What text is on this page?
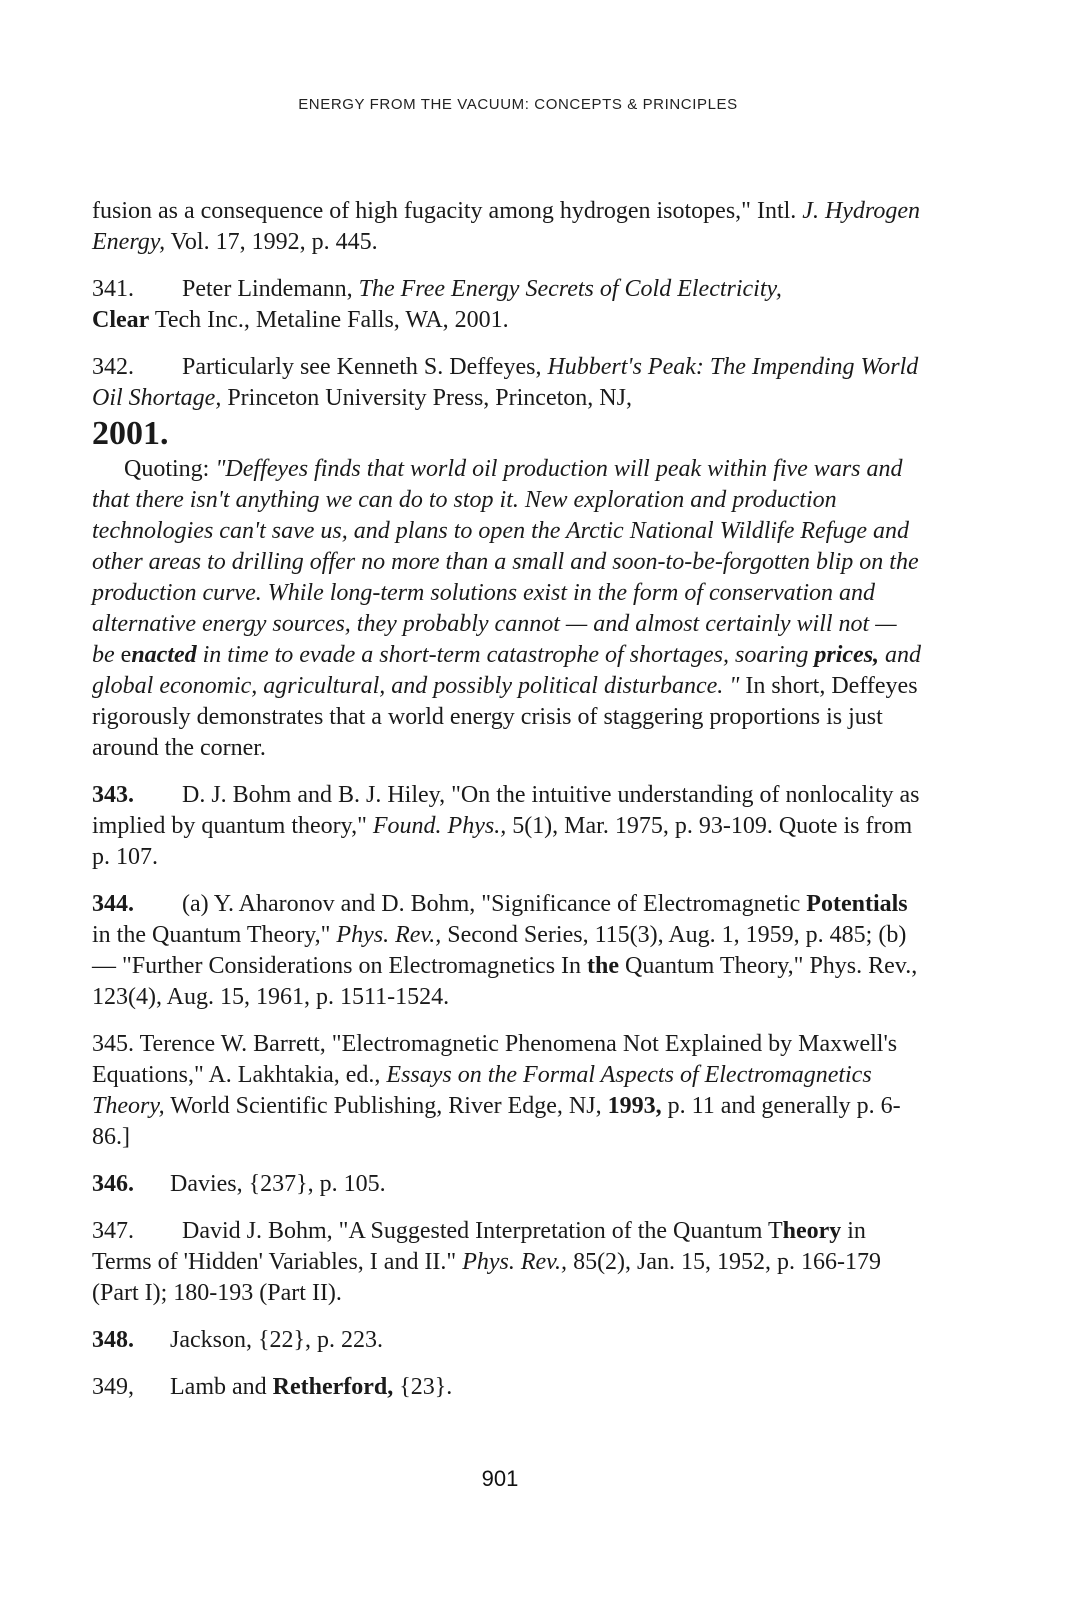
ENERGY FROM THE VACUUM: CONCEPTS & PRINCIPLES

fusion as a consequence of high fugacity among hydrogen isotopes," Intl. J. Hydrogen Energy, Vol. 17, 1992, p. 445.

341. Peter Lindemann, The Free Energy Secrets of Cold Electricity,
Clear Tech Inc., Metaline Falls, WA, 2001.

342. Particularly see Kenneth S. Deffeyes, Hubbert's Peak: The Impending World Oil Shortage, Princeton University Press, Princeton, NJ,
2001.

Quoting: "Deffeyes finds that world oil production will peak within five wars and that there isn't anything we can do to stop it. New exploration and production technologies can't save us, and plans to open the Arctic National Wildlife Refuge and other areas to drilling offer no more than a small and soon-to-be-forgotten blip on the production curve. While long-term solutions exist in the form of conservation and alternative energy sources, they probably cannot — and almost certainly will not — be enacted in time to evade a short-term catastrophe of shortages, soaring prices, and global economic, agricultural, and possibly political disturbance. " In short, Deffeyes rigorously demonstrates that a world energy crisis of staggering proportions is just around the corner.

343. D. J. Bohm and B. J. Hiley, "On the intuitive understanding of nonlocality as implied by quantum theory," Found. Phys., 5(1), Mar. 1975, p. 93-109. Quote is from p. 107.

344. (a) Y. Aharonov and D. Bohm, "Significance of Electromagnetic Potentials in the Quantum Theory," Phys. Rev., Second Series, 115(3), Aug. 1, 1959, p. 485; (b) — "Further Considerations on Electromagnetics In the Quantum Theory," Phys. Rev., 123(4), Aug. 15, 1961, p. 1511-1524.

345. Terence W. Barrett, "Electromagnetic Phenomena Not Explained by Maxwell's Equations," A. Lakhtakia, ed., Essays on the Formal Aspects of Electromagnetics Theory, World Scientific Publishing, River Edge, NJ, 1993, p. 11 and generally p. 6-86.]

346. Davies, {237}, p. 105.

347. David J. Bohm, "A Suggested Interpretation of the Quantum Theory in Terms of 'Hidden' Variables, I and II." Phys. Rev., 85(2), Jan. 15, 1952, p. 166-179 (Part I); 180-193 (Part II).

348. Jackson, {22}, p. 223.

349, Lamb and Retherford, {23}.

901
